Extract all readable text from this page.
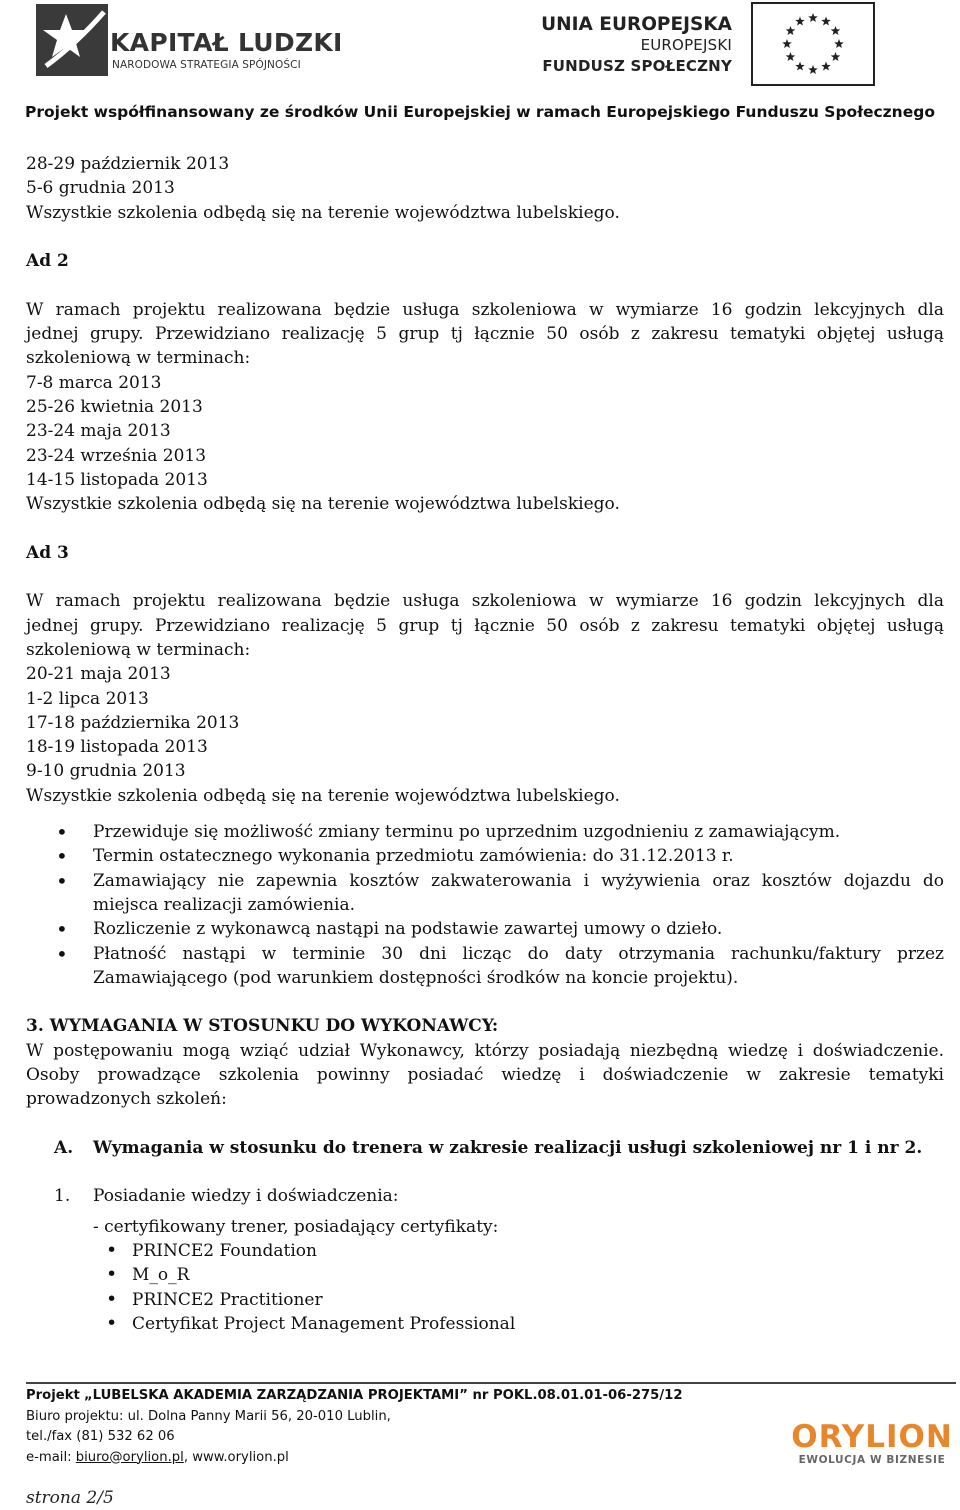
KAPITAŁ LUDZKI
NARODOWA STRATEGIA SPÓJNOŚCI
UNIA EUROPEJSKA
EUROPEJSKI
FUNDUSZ SPOŁECZNY
Projekt współfinansowany ze środków Unii Europejskiej w ramach Europejskiego Funduszu Społecznego

28-29 październik 2013

5-6 grudnia 2013

Wszystkie szkolenia odbędą się na terenie województwa lubelskiego.

Ad 2

W ramach projektu realizowana będzie usługa szkoleniowa w wymiarze 16 godzin lekcyjnych dla

jednej grupy. Przewidziano realizację 5 grup tj łącznie 50 osób z zakresu tematyki objętej usługą

szkoleniową w terminach:

7-8 marca 2013

25-26 kwietnia 2013

23-24 maja 2013

23-24 września 2013

14-15 listopada 2013

Wszystkie szkolenia odbędą się na terenie województwa lubelskiego.

Ad 3

W ramach projektu realizowana będzie usługa szkoleniowa w wymiarze 16 godzin lekcyjnych dla

jednej grupy. Przewidziano realizację 5 grup tj łącznie 50 osób z zakresu tematyki objętej usługą

szkoleniową w terminach:

20-21 maja 2013

1-2 lipca 2013

17-18 października 2013

18-19 listopada 2013

9-10 grudnia 2013

Wszystkie szkolenia odbędą się na terenie województwa lubelskiego.

• Przewiduje się możliwość zmiany terminu po uprzednim uzgodnieniu z zamawiającym.
• Termin ostatecznego wykonania przedmiotu zamówienia: do 31.12.2013 r.
• Zamawiający nie zapewnia kosztów zakwaterowania i wyżywienia oraz kosztów dojazdu do miejsca realizacji zamówienia.
• Rozliczenie z wykonawcą nastąpi na podstawie zawartej umowy o dzieło.
• Płatność nastąpi w terminie 30 dni licząc do daty otrzymania rachunku/faktury przez Zamawiającego (pod warunkiem dostępności środków na koncie projektu).

3. WYMAGANIA W STOSUNKU DO WYKONAWCY:

W postępowaniu mogą wziąć udział Wykonawcy, którzy posiadają niezbędną wiedzę i doświadczenie.

Osoby prowadzące szkolenia powinny posiadać wiedzę i doświadczenie w zakresie tematyki

prowadzonych szkoleń:

A.	Wymagania w stosunku do trenera w zakresie realizacji usługi szkoleniowej nr 1 i nr 2.

1.	Posiadanie wiedzy i doświadczenia:

- certyfikowany trener, posiadający certyfikaty:

• PRINCE2 Foundation
• M_o_R
• PRINCE2 Practitioner
• Certyfikat Project Management Professional
Projekt „LUBELSKA AKADEMIA ZARZĄDZANIA PROJEKTAMI” nr POKL.08.01.01-06-275/12
Biuro projektu: ul. Dolna Panny Marii 56, 20-010 Lublin,
tel./fax (81) 532 62 06
e-mail: biuro@orylion.pl, www.orylion.pl
ORYLION
EWOLUCJA W BIZNESIE
strona 2/5
